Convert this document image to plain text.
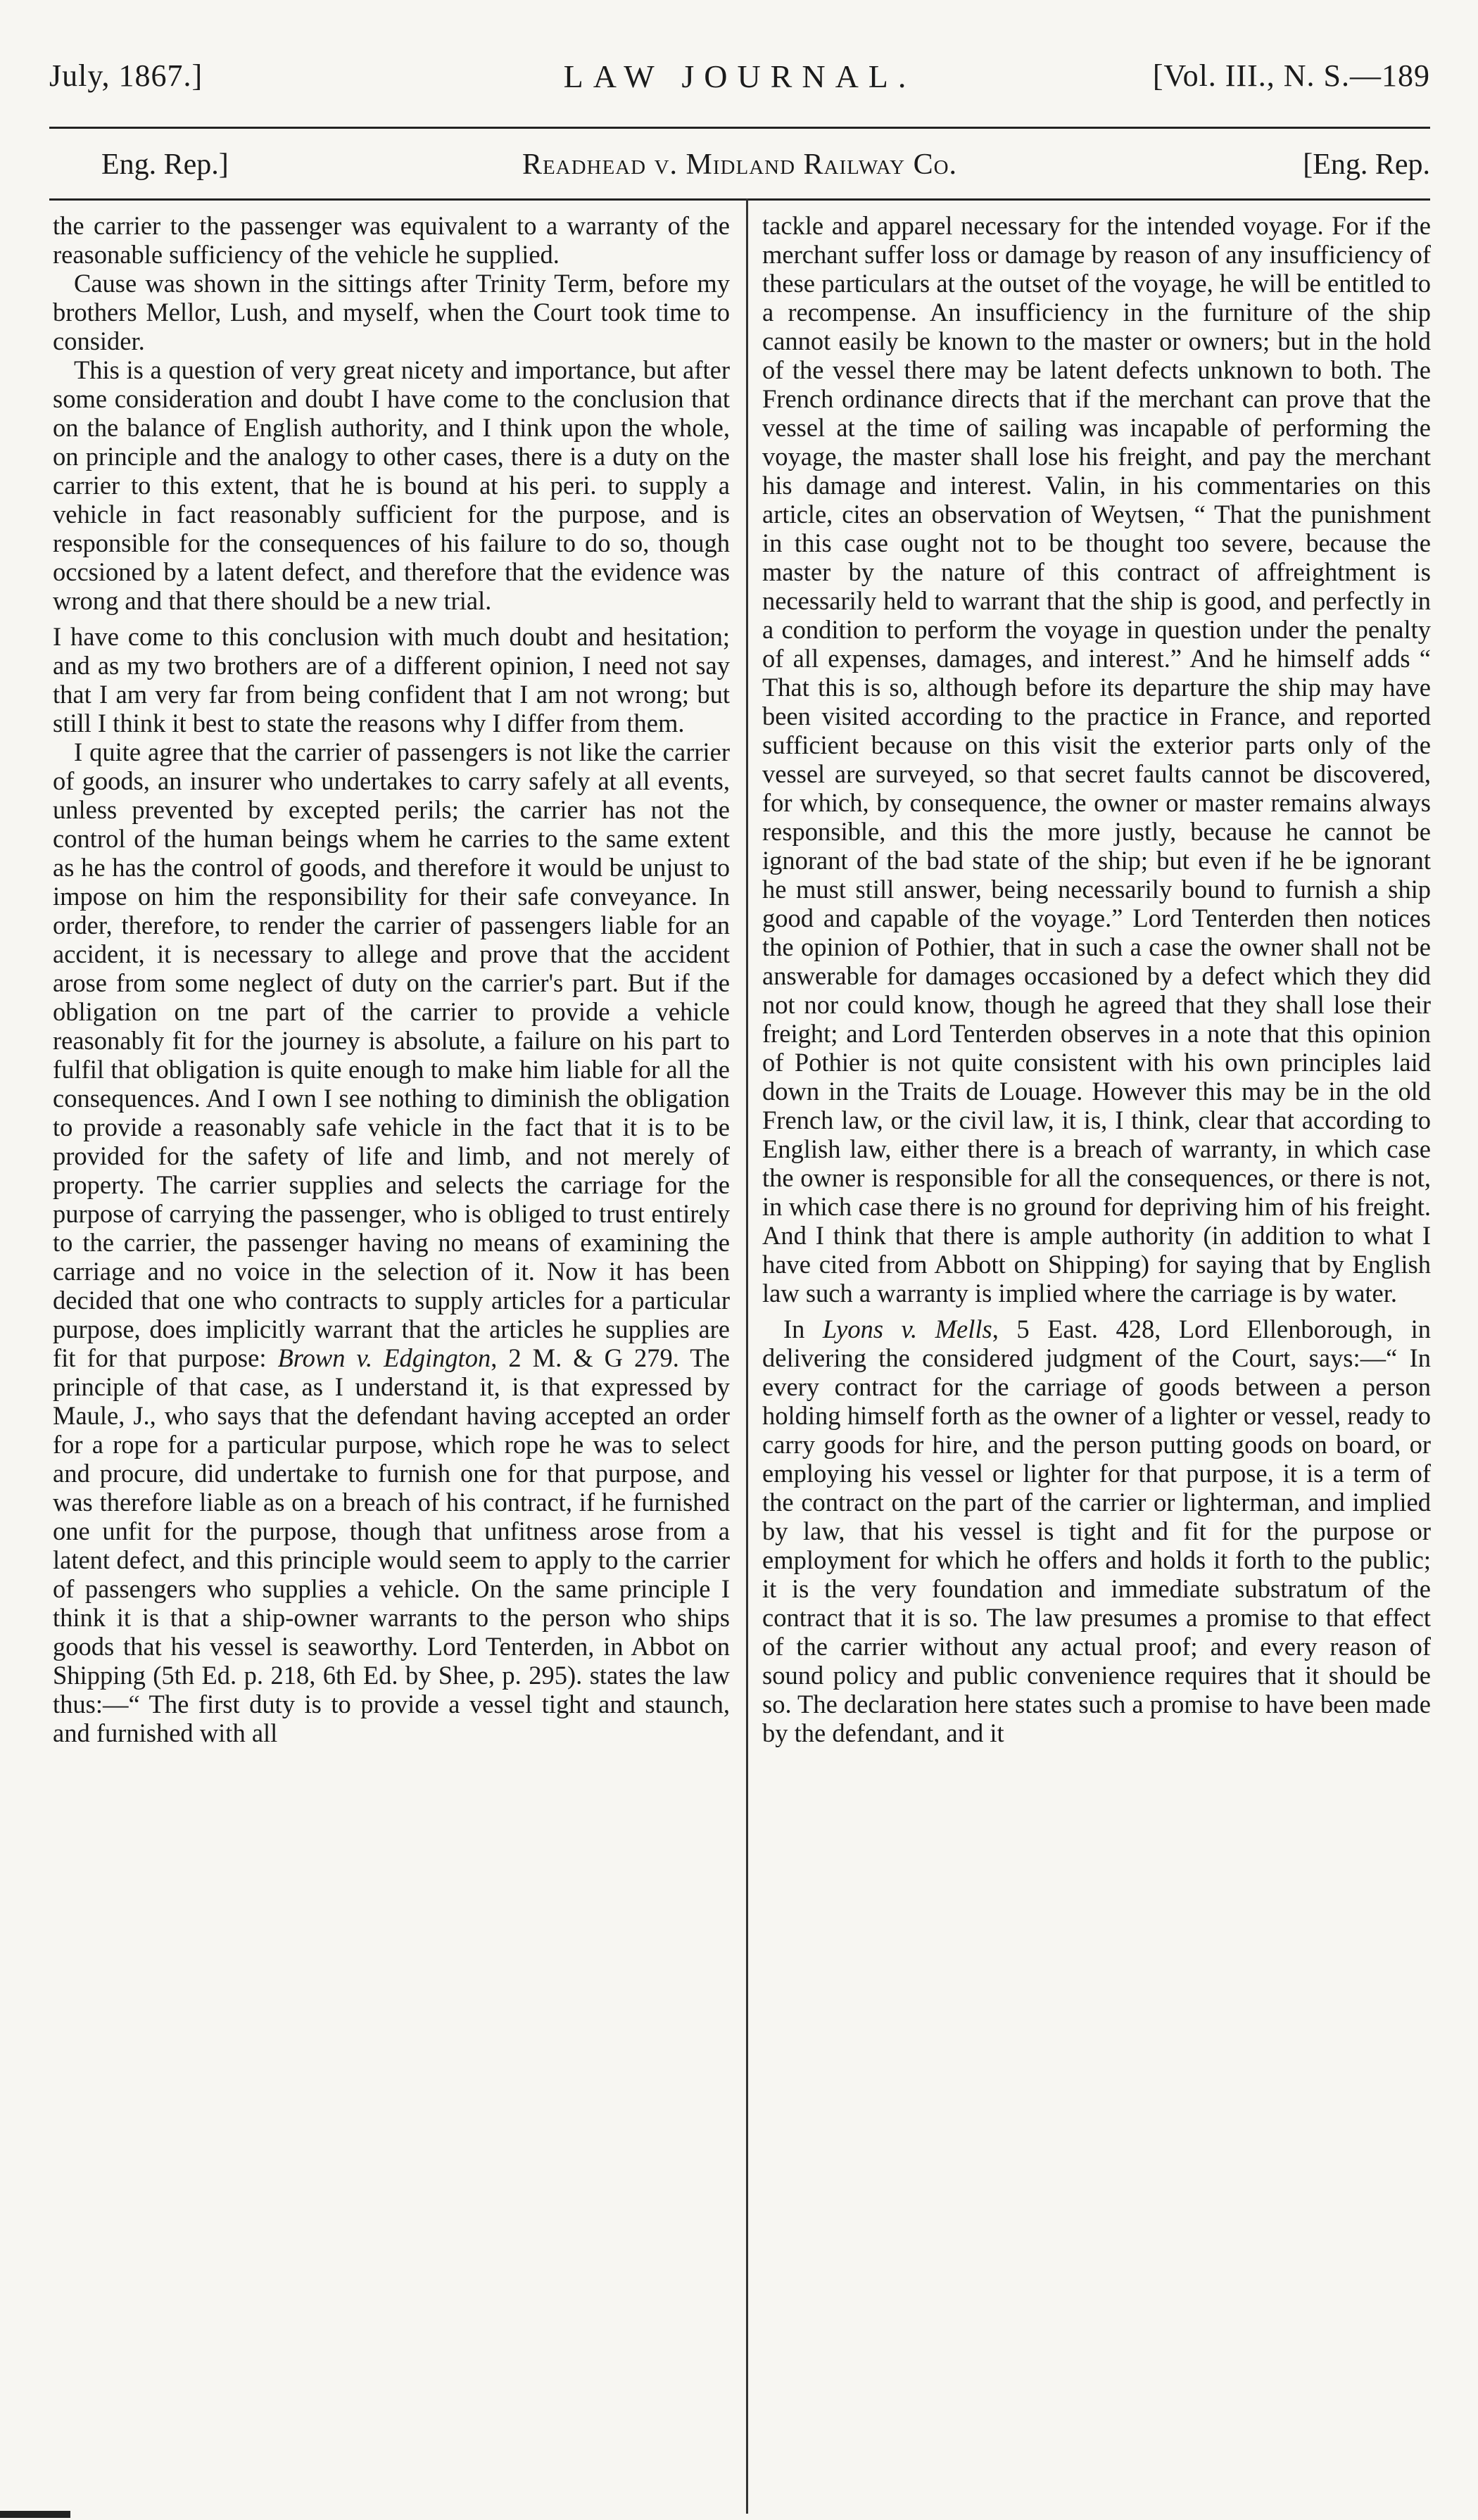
July, 1867.]	LAW JOURNAL.	[Vol. III., N. S.—189
Eng. Rep.]	Readhead v. Midland Railway Co.	[Eng. Rep.

the carrier to the passenger was equivalent to a warranty of the reasonable sufficiency of the vehicle he supplied.

Cause was shown in the sittings after Trinity Term, before my brothers Mellor, Lush, and myself, when the Court took time to consider.

This is a question of very great nicety and importance, but after some consideration and doubt I have come to the conclusion that on the balance of English authority, and I think upon the whole, on principle and the analogy to other cases, there is a duty on the carrier to this extent, that he is bound at his peri. to supply a vehicle in fact reasonably sufficient for the purpose, and is responsible for the consequences of his failure to do so, though occsioned by a latent defect, and therefore that the evidence was wrong and that there should be a new trial.

I have come to this conclusion with much doubt and hesitation; and as my two brothers are of a different opinion, I need not say that I am very far from being confident that I am not wrong; but still I think it best to state the reasons why I differ from them.

I quite agree that the carrier of passengers is not like the carrier of goods, an insurer who undertakes to carry safely at all events, unless prevented by excepted perils; the carrier has not the control of the human beings whem he carries to the same extent as he has the control of goods, and therefore it would be unjust to impose on him the responsibility for their safe conveyance. In order, therefore, to render the carrier of passengers liable for an accident, it is necessary to allege and prove that the accident arose from some neglect of duty on the carrier's part. But if the obligation on tne part of the carrier to provide a vehicle reasonably fit for the journey is absolute, a failure on his part to fulfil that obligation is quite enough to make him liable for all the consequences. And I own I see nothing to diminish the obligation to provide a reasonably safe vehicle in the fact that it is to be provided for the safety of life and limb, and not merely of property. The carrier supplies and selects the carriage for the purpose of carrying the passenger, who is obliged to trust entirely to the carrier, the passenger having no means of examining the carriage and no voice in the selection of it. Now it has been decided that one who contracts to supply articles for a particular purpose, does implicitly warrant that the articles he supplies are fit for that purpose: Brown v. Edgington, 2 M. & G 279. The principle of that case, as I understand it, is that expressed by Maule, J., who says that the defendant having accepted an order for a rope for a particular purpose, which rope he was to select and procure, did undertake to furnish one for that purpose, and was therefore liable as on a breach of his contract, if he furnished one unfit for the purpose, though that unfitness arose from a latent defect, and this principle would seem to apply to the carrier of passengers who supplies a vehicle. On the same principle I think it is that a ship-owner warrants to the person who ships goods that his vessel is seaworthy. Lord Tenterden, in Abbot on Shipping (5th Ed. p. 218, 6th Ed. by Shee, p. 295). states the law thus:—“ The first duty is to provide a vessel tight and staunch, and furnished with all

tackle and apparel necessary for the intended voyage. For if the merchant suffer loss or damage by reason of any insufficiency of these particulars at the outset of the voyage, he will be entitled to a recompense. An insufficiency in the furniture of the ship cannot easily be known to the master or owners; but in the hold of the vessel there may be latent defects unknown to both. The French ordinance directs that if the merchant can prove that the vessel at the time of sailing was incapable of performing the voyage, the master shall lose his freight, and pay the merchant his damage and interest. Valin, in his commentaries on this article, cites an observation of Weytsen, “ That the punishment in this case ought not to be thought too severe, because the master by the nature of this contract of affreightment is necessarily held to warrant that the ship is good, and perfectly in a condition to perform the voyage in question under the penalty of all expenses, damages, and interest.” And he himself adds “ That this is so, although before its departure the ship may have been visited according to the practice in France, and reported sufficient because on this visit the exterior parts only of the vessel are surveyed, so that secret faults cannot be discovered, for which, by consequence, the owner or master remains always responsible, and this the more justly, because he cannot be ignorant of the bad state of the ship; but even if he be ignorant he must still answer, being necessarily bound to furnish a ship good and capable of the voyage.” Lord Tenterden then notices the opinion of Pothier, that in such a case the owner shall not be answerable for damages occasioned by a defect which they did not nor could know, though he agreed that they shall lose their freight; and Lord Tenterden observes in a note that this opinion of Pothier is not quite consistent with his own principles laid down in the Traits de Louage. However this may be in the old French law, or the civil law, it is, I think, clear that according to English law, either there is a breach of warranty, in which case the owner is responsible for all the consequences, or there is not, in which case there is no ground for depriving him of his freight. And I think that there is ample authority (in addition to what I have cited from Abbott on Shipping) for saying that by English law such a warranty is implied where the carriage is by water.

In Lyons v. Mells, 5 East. 428, Lord Ellenborough, in delivering the considered judgment of the Court, says:—“ In every contract for the carriage of goods between a person holding himself forth as the owner of a lighter or vessel, ready to carry goods for hire, and the person putting goods on board, or employing his vessel or lighter for that purpose, it is a term of the contract on the part of the carrier or lighterman, and implied by law, that his vessel is tight and fit for the purpose or employment for which he offers and holds it forth to the public; it is the very foundation and immediate substratum of the contract that it is so. The law presumes a promise to that effect of the carrier without any actual proof; and every reason of sound policy and public convenience requires that it should be so. The declaration here states such a promise to have been made by the defendant, and it
